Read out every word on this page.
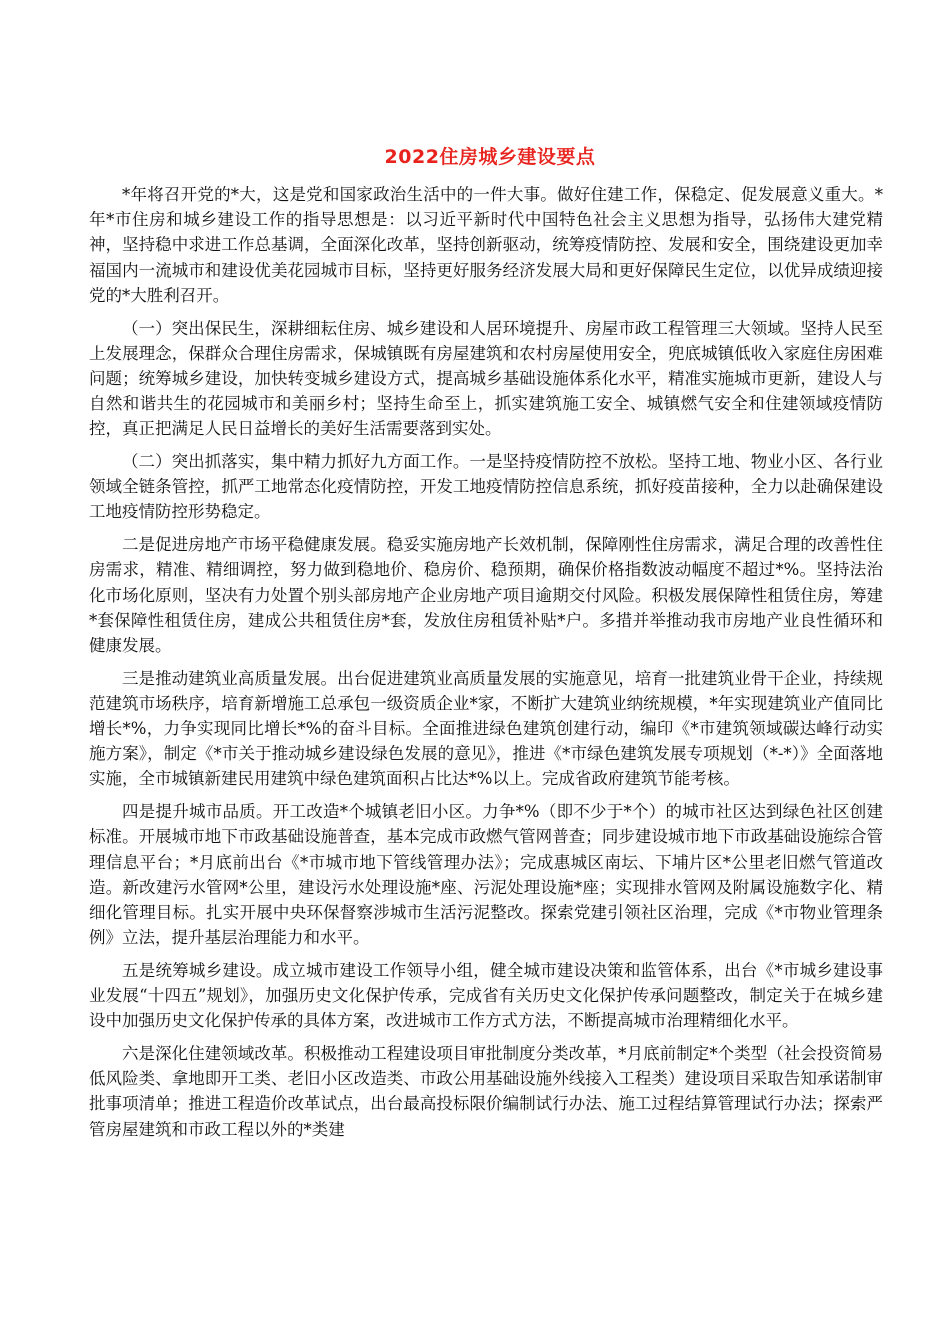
2022住房城乡建设要点

*年将召开党的*大，这是党和国家政治生活中的一件大事。做好住建工作，保稳定、促发展意义重大。*年*市住房和城乡建设工作的指导思想是：以习近平新时代中国特色社会主义思想为指导，弘扬伟大建党精神，坚持稳中求进工作总基调，全面深化改革，坚持创新驱动，统筹疫情防控、发展和安全，围绕建设更加幸福国内一流城市和建设优美花园城市目标，坚持更好服务经济发展大局和更好保障民生定位，以优异成绩迎接党的*大胜利召开。

（一）突出保民生，深耕细耘住房、城乡建设和人居环境提升、房屋市政工程管理三大领域。坚持人民至上发展理念，保群众合理住房需求，保城镇既有房屋建筑和农村房屋使用安全，兜底城镇低收入家庭住房困难问题；统筹城乡建设，加快转变城乡建设方式，提高城乡基础设施体系化水平，精准实施城市更新，建设人与自然和谐共生的花园城市和美丽乡村；坚持生命至上，抓实建筑施工安全、城镇燃气安全和住建领域疫情防控，真正把满足人民日益增长的美好生活需要落到实处。

（二）突出抓落实，集中精力抓好九方面工作。一是坚持疫情防控不放松。坚持工地、物业小区、各行业领域全链条管控，抓严工地常态化疫情防控，开发工地疫情防控信息系统，抓好疫苗接种，全力以赴确保建设工地疫情防控形势稳定。

二是促进房地产市场平稳健康发展。稳妥实施房地产长效机制，保障刚性住房需求，满足合理的改善性住房需求，精准、精细调控，努力做到稳地价、稳房价、稳预期，确保价格指数波动幅度不超过*%。坚持法治化市场化原则，坚决有力处置个别头部房地产企业房地产项目逾期交付风险。积极发展保障性租赁住房，筹建*套保障性租赁住房，建成公共租赁住房*套，发放住房租赁补贴*户。多措并举推动我市房地产业良性循环和健康发展。

三是推动建筑业高质量发展。出台促进建筑业高质量发展的实施意见，培育一批建筑业骨干企业，持续规范建筑市场秩序，培育新增施工总承包一级资质企业*家，不断扩大建筑业纳统规模，*年实现建筑业产值同比增长*%，力争实现同比增长*%的奋斗目标。全面推进绿色建筑创建行动，编印《*市建筑领域碳达峰行动实施方案》，制定《*市关于推动城乡建设绿色发展的意见》，推进《*市绿色建筑发展专项规划（*-*）》全面落地实施，全市城镇新建民用建筑中绿色建筑面积占比达*%以上。完成省政府建筑节能考核。

四是提升城市品质。开工改造*个城镇老旧小区。力争*%（即不少于*个）的城市社区达到绿色社区创建标准。开展城市地下市政基础设施普查，基本完成市政燃气管网普查；同步建设城市地下市政基础设施综合管理信息平台；*月底前出台《*市城市地下管线管理办法》；完成惠城区南坛、下埔片区*公里老旧燃气管道改造。新改建污水管网*公里，建设污水处理设施*座、污泥处理设施*座；实现排水管网及附属设施数字化、精细化管理目标。扎实开展中央环保督察涉城市生活污泥整改。探索党建引领社区治理，完成《*市物业管理条例》立法，提升基层治理能力和水平。

五是统筹城乡建设。成立城市建设工作领导小组，健全城市建设决策和监管体系，出台《*市城乡建设事业发展“十四五”规划》，加强历史文化保护传承，完成省有关历史文化保护传承问题整改，制定关于在城乡建设中加强历史文化保护传承的具体方案，改进城市工作方式方法，不断提高城市治理精细化水平。

六是深化住建领域改革。积极推动工程建设项目审批制度分类改革，*月底前制定*个类型（社会投资简易低风险类、拿地即开工类、老旧小区改造类、市政公用基础设施外线接入工程类）建设项目采取告知承诺制审批事项清单；推进工程造价改革试点，出台最高投标限价编制试行办法、施工过程结算管理试行办法；探索严管房屋建筑和市政工程以外的*类建
